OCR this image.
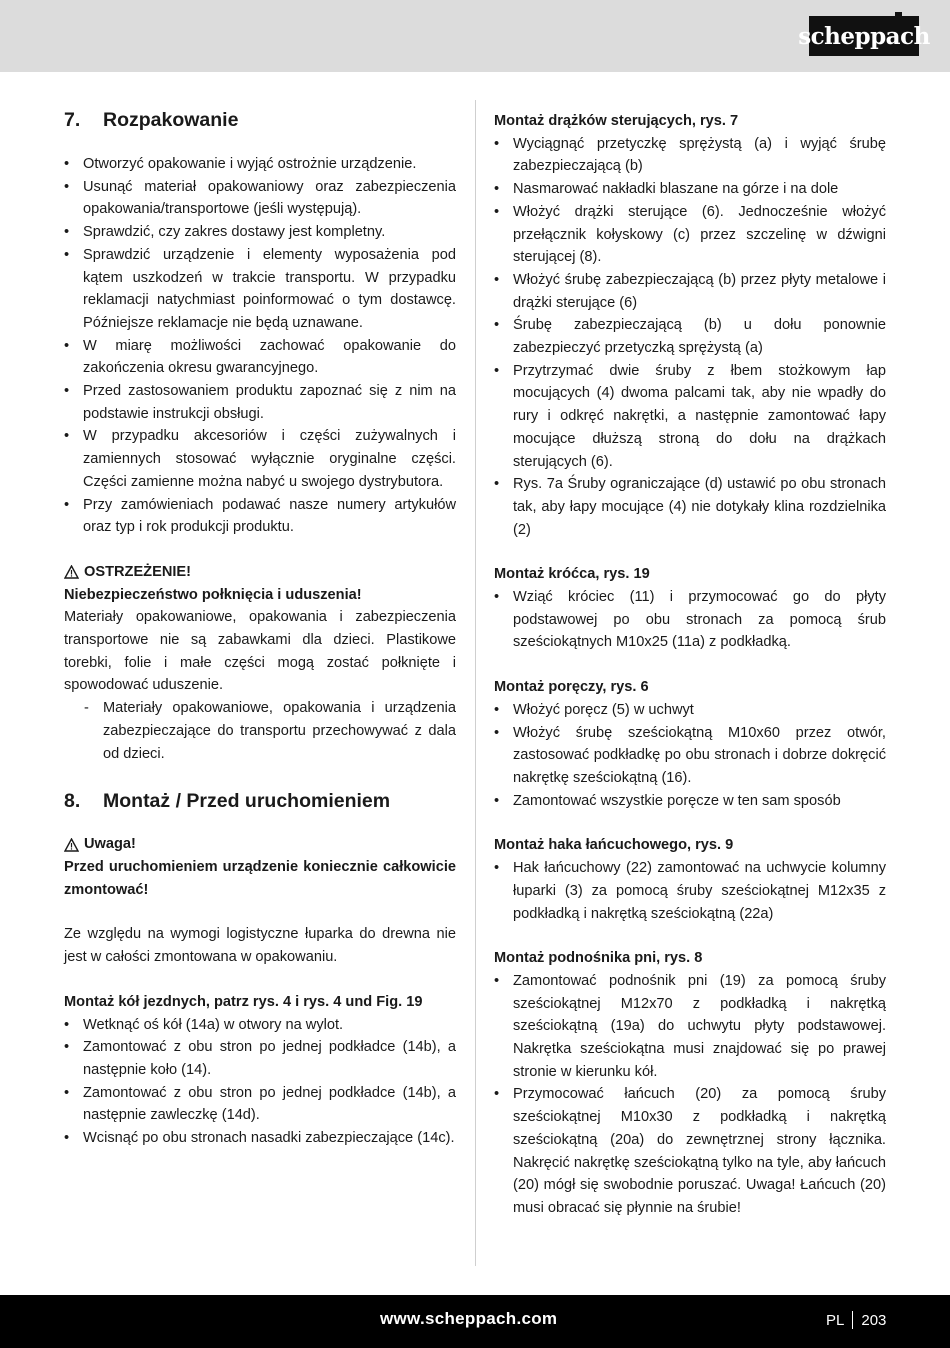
scheppach
7.	Rozpakowanie
• Otworzyć opakowanie i wyjąć ostrożnie urządzenie.
• Usunąć materiał opakowaniowy oraz zabezpieczenia opakowania/transportowe (jeśli występują).
• Sprawdzić, czy zakres dostawy jest kompletny.
• Sprawdzić urządzenie i elementy wyposażenia pod kątem uszkodzeń w trakcie transportu. W przypadku reklamacji natychmiast poinformować o tym dostawcę. Późniejsze reklamacje nie będą uznawane.
• W miarę możliwości zachować opakowanie do zakończenia okresu gwarancyjnego.
• Przed zastosowaniem produktu zapoznać się z nim na podstawie instrukcji obsługi.
• W przypadku akcesoriów i części zużywalnych i zamiennych stosować wyłącznie oryginalne części. Części zamienne można nabyć u swojego dystrybutora.
• Przy zamówieniach podawać nasze numery artykułów oraz typ i rok produkcji produktu.

OSTRZEŻENIE!

Niebezpieczeństwo połknięcia i uduszenia!

Materiały opakowaniowe, opakowania i zabezpieczenia transportowe nie są zabawkami dla dzieci. Plastikowe torebki, folie i małe części mogą zostać połknięte i spowodować uduszenie.

- Materiały opakowaniowe, opakowania i urządzenia zabezpieczające do transportu przechowywać z dala od dzieci.
8.	Montaż / Przed uruchomieniem

Uwaga!

Przed uruchomieniem urządzenie koniecznie całkowicie zmontować!

Ze względu na wymogi logistyczne łuparka do drewna nie jest w całości zmontowana w opakowaniu.

Montaż kół jezdnych, patrz rys. 4 i rys. 4 und Fig. 19

• Wetknąć oś kół (14a) w otwory na wylot.
• Zamontować z obu stron po jednej podkładce (14b), a następnie koło (14).
• Zamontować z obu stron po jednej podkładce (14b), a następnie zawleczkę (14d).
• Wcisnąć po obu stronach nasadki zabezpieczające (14c).

Montaż drążków sterujących, rys. 7

• Wyciągnąć przetyczkę sprężystą (a) i wyjąć śrubę zabezpieczającą (b)
• Nasmarować nakładki blaszane na górze i na dole
• Włożyć drążki sterujące (6). Jednocześnie włożyć przełącznik kołyskowy (c) przez szczelinę w dźwigni sterującej (8).
• Włożyć śrubę zabezpieczającą (b) przez płyty metalowe i drążki sterujące (6)
• Śrubę zabezpieczającą (b) u dołu ponownie zabezpieczyć przetyczką sprężystą (a)
• Przytrzymać dwie śruby z łbem stożkowym łap mocujących (4) dwoma palcami tak, aby nie wpadły do rury i odkręć nakrętki, a następnie zamontować łapy mocujące dłuższą stroną do dołu na drążkach sterujących (6).
• Rys. 7a Śruby ograniczające (d) ustawić po obu stronach tak, aby łapy mocujące (4) nie dotykały klina rozdzielnika (2)

Montaż króćca, rys. 19

• Wziąć króciec (11) i przymocować go do płyty podstawowej po obu stronach za pomocą śrub sześciokątnych M10x25 (11a) z podkładką.

Montaż poręczy, rys. 6

• Włożyć poręcz (5) w uchwyt
• Włożyć śrubę sześciokątną M10x60 przez otwór, zastosować podkładkę po obu stronach i dobrze dokręcić nakrętkę sześciokątną (16).
• Zamontować wszystkie poręcze w ten sam sposób

Montaż haka łańcuchowego, rys. 9

• Hak łańcuchowy (22) zamontować na uchwycie kolumny łuparki (3) za pomocą śruby sześciokątnej M12x35 z podkładką i nakrętką sześciokątną (22a)

Montaż podnośnika pni, rys. 8

• Zamontować podnośnik pni (19) za pomocą śruby sześciokątnej M12x70 z podkładką i nakrętką sześciokątną (19a) do uchwytu płyty podstawowej. Nakrętka sześciokątna musi znajdować się po prawej stronie w kierunku kół.
• Przymocować łańcuch (20) za pomocą śruby sześciokątnej M10x30 z podkładką i nakrętką sześciokątną (20a) do zewnętrznej strony łącznika. Nakręcić nakrętkę sześciokątną tylko na tyle, aby łańcuch (20) mógł się swobodnie poruszać. Uwaga! Łańcuch (20) musi obracać się płynnie na śrubie!
www.scheppach.com	PL 203
